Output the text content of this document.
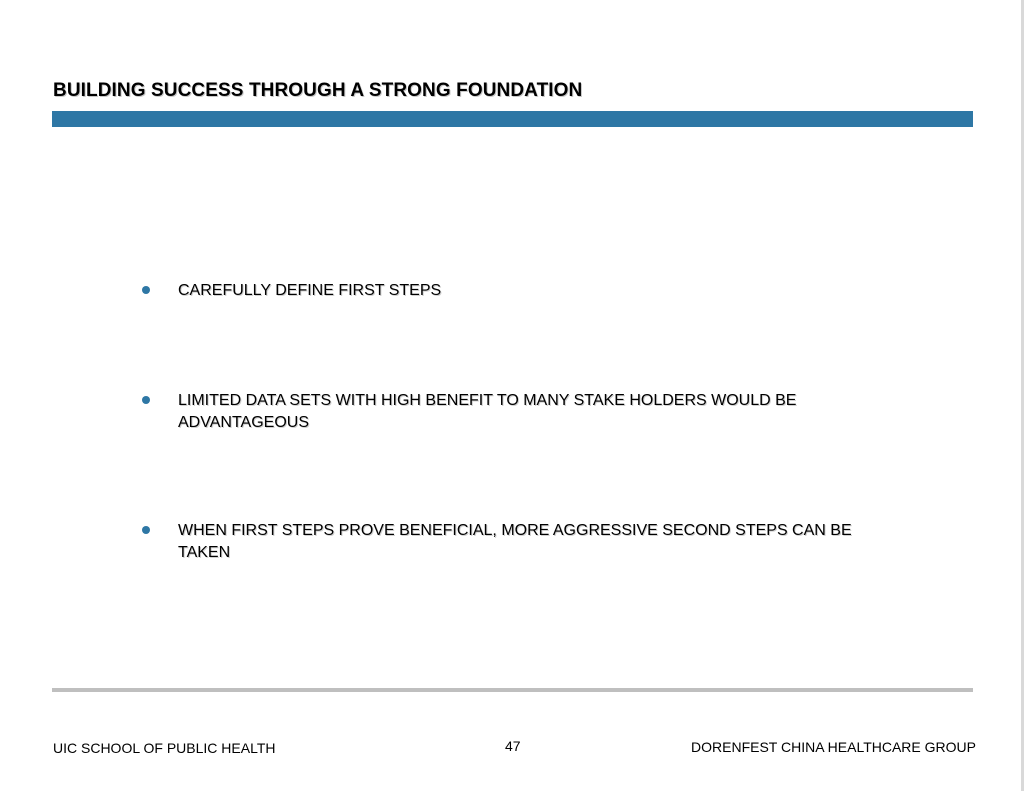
BUILDING SUCCESS THROUGH A STRONG FOUNDATION
CAREFULLY DEFINE FIRST STEPS
LIMITED DATA SETS WITH HIGH BENEFIT TO MANY STAKE HOLDERS WOULD BE ADVANTAGEOUS
WHEN FIRST STEPS PROVE BENEFICIAL, MORE AGGRESSIVE SECOND STEPS CAN BE TAKEN
UIC SCHOOL OF PUBLIC HEALTH	47	DORENFEST CHINA HEALTHCARE GROUP
